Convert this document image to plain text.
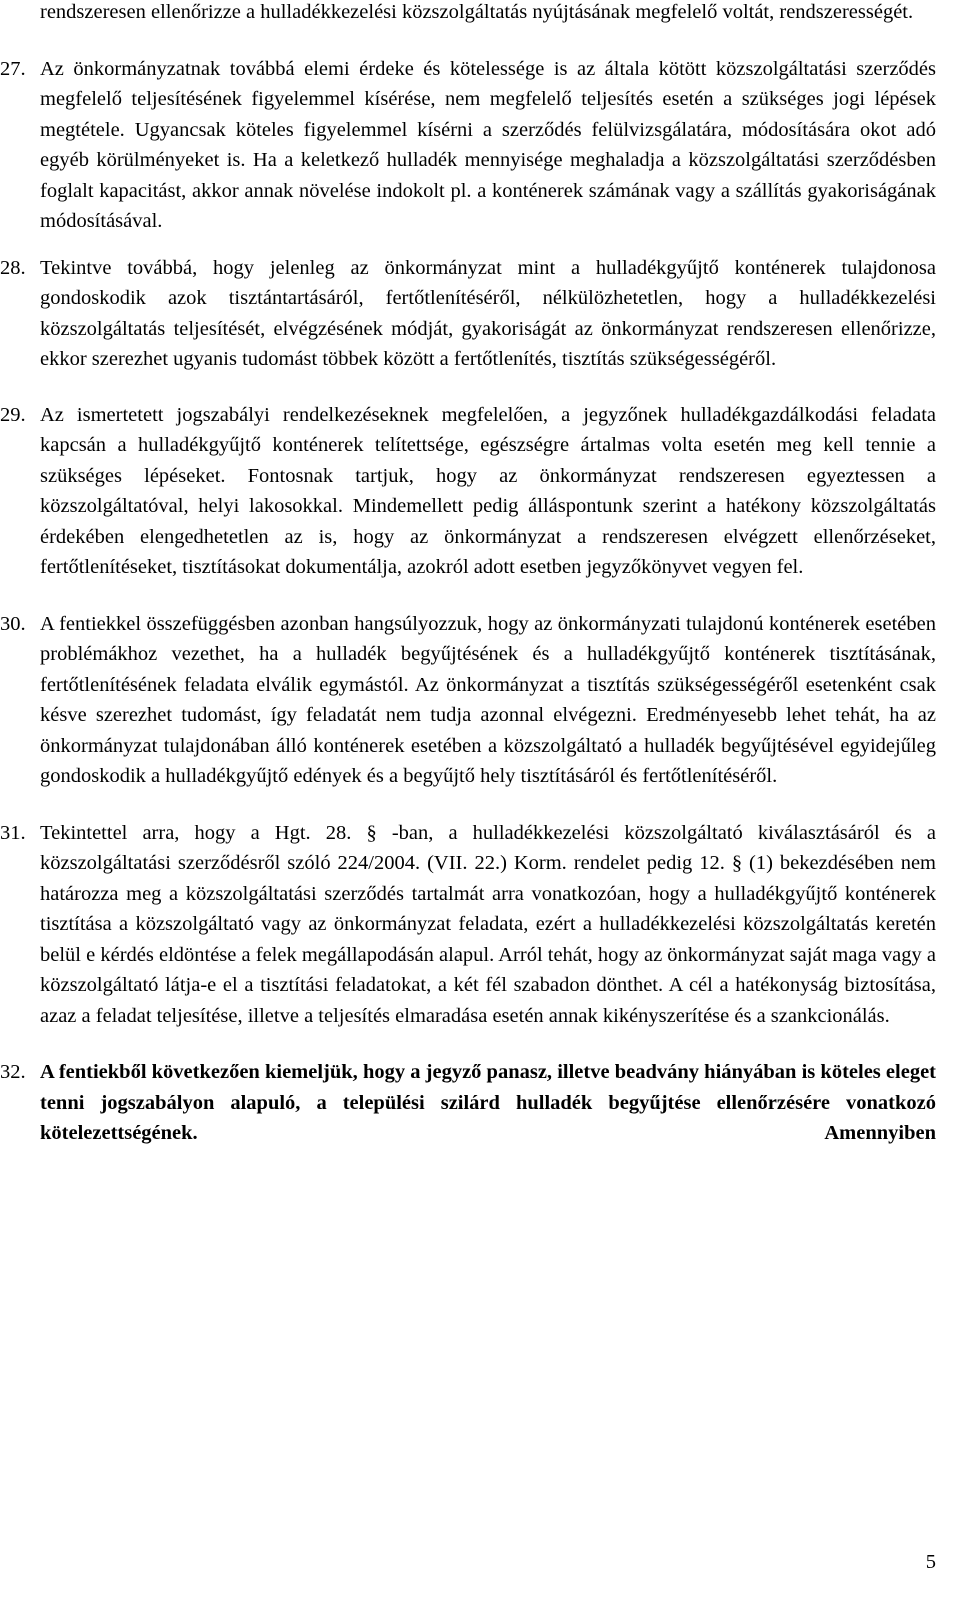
rendszeresen ellenőrizze a hulladékkezelési közszolgáltatás nyújtásának megfelelő voltát, rendszerességét.

27. Az önkormányzatnak továbbá elemi érdeke és kötelessége is az általa kötött közszolgáltatási szerződés megfelelő teljesítésének figyelemmel kísérése, nem megfelelő teljesítés esetén a szükséges jogi lépések megtétele. Ugyancsak köteles figyelemmel kísérni a szerződés felülvizsgálatára, módosítására okot adó egyéb körülményeket is. Ha a keletkező hulladék mennyisége meghaladja a közszolgáltatási szerződésben foglalt kapacitást, akkor annak növelése indokolt pl. a konténerek számának vagy a szállítás gyakoriságának módosításával.
28. Tekintve továbbá, hogy jelenleg az önkormányzat mint a hulladékgyűjtő konténerek tulajdonosa gondoskodik azok tisztántartásáról, fertőtlenítéséről, nélkülözhetetlen, hogy a hulladékkezelési közszolgáltatás teljesítését, elvégzésének módját, gyakoriságát az önkormányzat rendszeresen ellenőrizze, ekkor szerezhet ugyanis tudomást többek között a fertőtlenítés, tisztítás szükségességéről.
29. Az ismertetett jogszabályi rendelkezéseknek megfelelően, a jegyzőnek hulladékgazdálkodási feladata kapcsán a hulladékgyűjtő konténerek telítettsége, egészségre ártalmas volta esetén meg kell tennie a szükséges lépéseket. Fontosnak tartjuk, hogy az önkormányzat rendszeresen egyeztessen a közszolgáltatóval, helyi lakosokkal. Mindemellett pedig álláspontunk szerint a hatékony közszolgáltatás érdekében elengedhetetlen az is, hogy az önkormányzat a rendszeresen elvégzett ellenőrzéseket, fertőtlenítéseket, tisztításokat dokumentálja, azokról adott esetben jegyzőkönyvet vegyen fel.
30. A fentiekkel összefüggésben azonban hangsúlyozzuk, hogy az önkormányzati tulajdonú konténerek esetében problémákhoz vezethet, ha a hulladék begyűjtésének és a hulladékgyűjtő konténerek tisztításának, fertőtlenítésének feladata elválik egymástól. Az önkormányzat a tisztítás szükségességéről esetenként csak késve szerezhet tudomást, így feladatát nem tudja azonnal elvégezni. Eredményesebb lehet tehát, ha az önkormányzat tulajdonában álló konténerek esetében a közszolgáltató a hulladék begyűjtésével egyidejűleg gondoskodik a hulladékgyűjtő edények és a begyűjtő hely tisztításáról és fertőtlenítéséről.
31. Tekintettel arra, hogy a Hgt. 28. § -ban, a hulladékkezelési közszolgáltató kiválasztásáról és a közszolgáltatási szerződésről szóló 224/2004. (VII. 22.) Korm. rendelet pedig 12. § (1) bekezdésében nem határozza meg a közszolgáltatási szerződés tartalmát arra vonatkozóan, hogy a hulladékgyűjtő konténerek tisztítása a közszolgáltató vagy az önkormányzat feladata, ezért a hulladékkezelési közszolgáltatás keretén belül e kérdés eldöntése a felek megállapodásán alapul. Arról tehát, hogy az önkormányzat saját maga vagy a közszolgáltató látja-e el a tisztítási feladatokat, a két fél szabadon dönthet. A cél a hatékonyság biztosítása, azaz a feladat teljesítése, illetve a teljesítés elmaradása esetén annak kikényszerítése és a szankcionálás.
32. A fentiekből következően kiemeljük, hogy a jegyző panasz, illetve beadvány hiányában is köteles eleget tenni jogszabályon alapuló, a települési szilárd hulladék begyűjtése ellenőrzésére vonatkozó kötelezettségének. Amennyiben
5
